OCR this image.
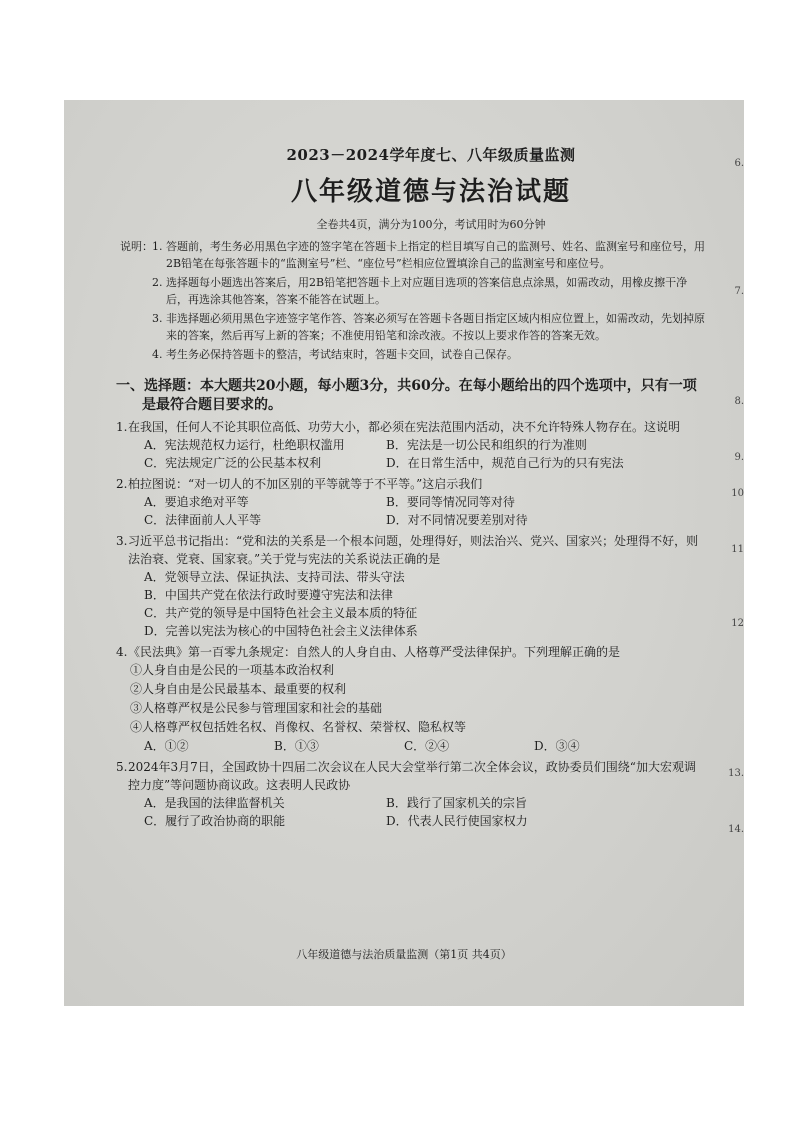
2023－2024学年度七、八年级质量监测
八年级道德与法治试题
全卷共4页，满分为100分，考试用时为60分钟
说明： 1. 答题前，考生务必用黑色字迹的签字笔在答题卡上指定的栏目填写自己的监测号、姓名、监测室号和座位号，用2B铅笔在每张答题卡的“监测室号”栏、“座位号”栏相应位置填涂自己的监测室号和座位号。
2. 选择题每小题选出答案后，用2B铅笔把答题卡上对应题目选项的答案信息点涂黑，如需改动，用橡皮擦干净后，再选涂其他答案，答案不能答在试题上。
3. 非选择题必须用黑色字迹签字笔作答、答案必须写在答题卡各题目指定区域内相应位置上，如需改动，先划掉原来的答案，然后再写上新的答案；不准使用铅笔和涂改液。不按以上要求作答的答案无效。
4. 考生务必保持答题卡的整洁，考试结束时，答题卡交回，试卷自己保存。
一、选择题：本大题共20小题，每小题3分，共60分。在每小题给出的四个选项中，只有一项是最符合题目要求的。
1. 在我国，任何人不论其职位高低、功劳大小，都必须在宪法范围内活动，决不允许特殊人物存在。这说明
A．宪法规范权力运行，杜绝职权滥用	B．宪法是一切公民和组织的行为准则
C．宪法规定广泛的公民基本权利	D．在日常生活中，规范自己行为的只有宪法
2. 柏拉图说：“对一切人的不加区别的平等就等于不平等。”这启示我们
A．要追求绝对平等	B．要同等情况同等对待
C．法律面前人人平等	D．对不同情况要差别对待
3. 习近平总书记指出：“党和法的关系是一个根本问题，处理得好，则法治兴、党兴、国家兴；处理得不好，则法治衰、党衰、国家衰。”关于党与宪法的关系说法正确的是
A．党领导立法、保证执法、支持司法、带头守法
B．中国共产党在依法行政时要遵守宪法和法律
C．共产党的领导是中国特色社会主义最本质的特征
D．完善以宪法为核心的中国特色社会主义法律体系
4. 《民法典》第一百零九条规定：自然人的人身自由、人格尊严受法律保护。下列理解正确的是
①人身自由是公民的一项基本政治权利
②人身自由是公民最基本、最重要的权利
③人格尊严权是公民参与管理国家和社会的基础
④人格尊严权包括姓名权、肖像权、名誉权、荣誉权、隐私权等
A．①②	B．①③	C．②④	D．③④
5. 2024年3月7日，全国政协十四届二次会议在人民大会堂举行第二次全体会议，政协委员们围绕“加大宏观调控力度”等问题协商议政。这表明人民政协
A．是我国的法律监督机关	B．践行了国家机关的宗旨
C．履行了政治协商的职能	D．代表人民行使国家权力
八年级道德与法治质量监测（第1页 共4页）
6.
7.
8.
9.
10
11
12
13.
14.
